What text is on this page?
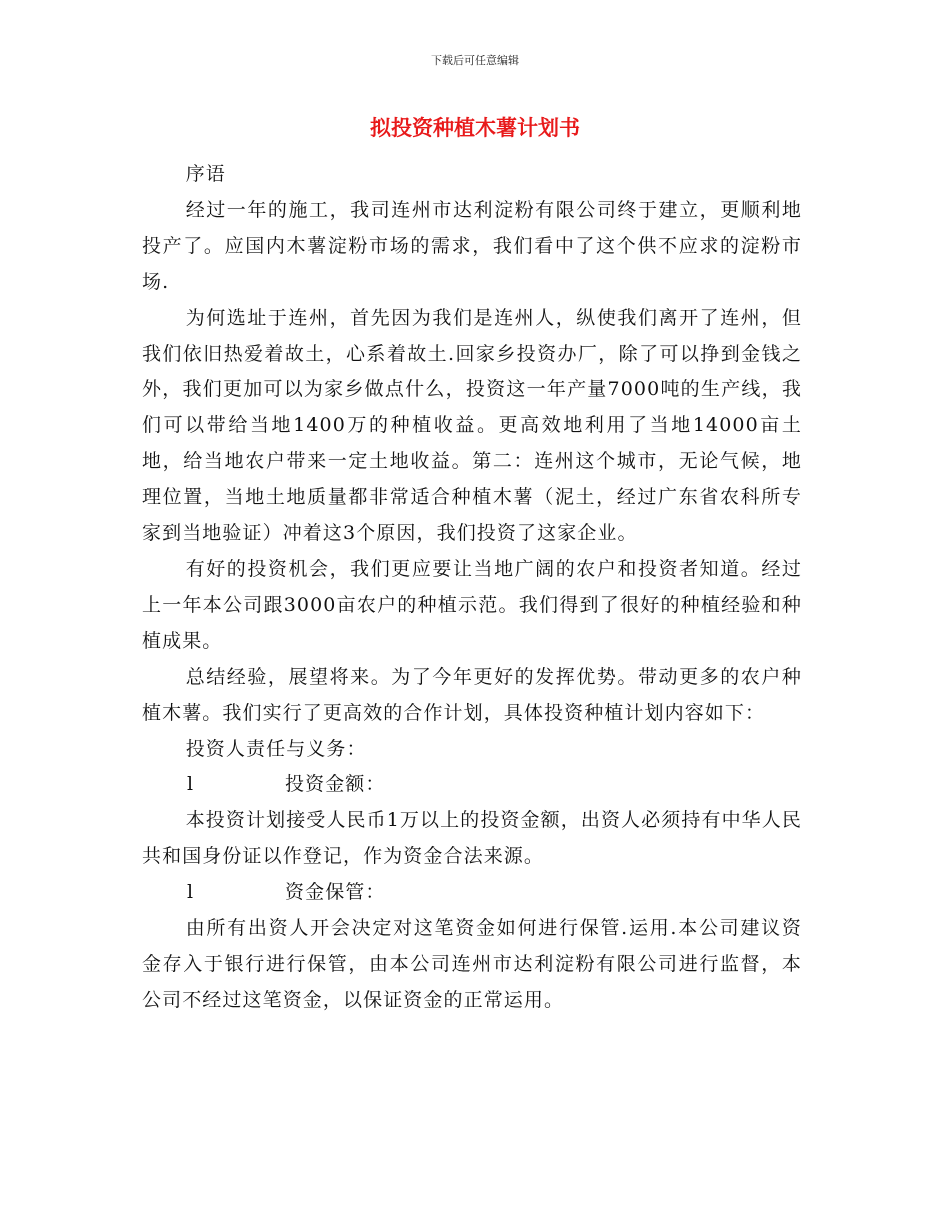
下载后可任意编辑
拟投资种植木薯计划书

序语

经过一年的施工，我司连州市达利淀粉有限公司终于建立，更顺利地投产了。应国内木薯淀粉市场的需求，我们看中了这个供不应求的淀粉市场.

为何选址于连州，首先因为我们是连州人，纵使我们离开了连州，但我们依旧热爱着故土，心系着故土.回家乡投资办厂，除了可以挣到金钱之外，我们更加可以为家乡做点什么，投资这一年产量7000吨的生产线，我们可以带给当地1400万的种植收益。更高效地利用了当地14000亩土地，给当地农户带来一定土地收益。第二：连州这个城市，无论气候，地理位置，当地土地质量都非常适合种植木薯（泥土，经过广东省农科所专家到当地验证）冲着这3个原因，我们投资了这家企业。

有好的投资机会，我们更应要让当地广阔的农户和投资者知道。经过上一年本公司跟3000亩农户的种植示范。我们得到了很好的种植经验和种植成果。

总结经验，展望将来。为了今年更好的发挥优势。带动更多的农户种植木薯。我们实行了更高效的合作计划，具体投资种植计划内容如下：

投资人责任与义务：

l	投资金额：

本投资计划接受人民币1万以上的投资金额，出资人必须持有中华人民共和国身份证以作登记，作为资金合法来源。

l	资金保管：

由所有出资人开会决定对这笔资金如何进行保管.运用.本公司建议资金存入于银行进行保管，由本公司连州市达利淀粉有限公司进行监督，本公司不经过这笔资金，以保证资金的正常运用。
